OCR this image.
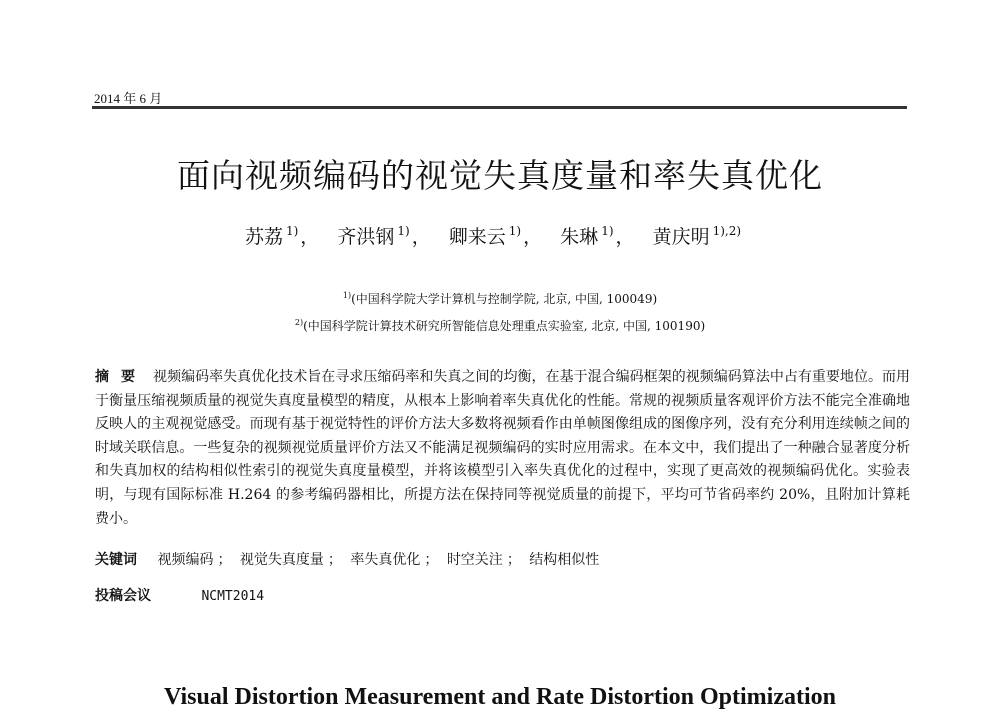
2014 年 6 月
面向视频编码的视觉失真度量和率失真优化
苏荔 $^{1)}$ ， 齐洪钢 $^{1)}$ ， 卿来云 $^{1)}$ ， 朱琳 $^{1)}$ ， 黄庆明 $^{1),2)}$
$^{1)}$(中国科学院大学计算机与控制学院, 北京, 中国, 100049)
$^{2)}$(中国科学院计算技术研究所智能信息处理重点实验室, 北京, 中国, 100190)
摘要 视频编码率失真优化技术旨在寻求压缩码率和失真之间的均衡，在基于混合编码框架的视频编码算法中占有重要地位。而用于衡量压缩视频质量的视觉失真度量模型的精度，从根本上影响着率失真优化的性能。常规的视频质量客观评价方法不能完全准确地反映人的主观视觉感受。而现有基于视觉特性的评价方法大多数将视频看作由单帧图像组成的图像序列，没有充分利用连续帧之间的时域关联信息。一些复杂的视频视觉质量评价方法又不能满足视频编码的实时应用需求。在本文中，我们提出了一种融合显著度分析和失真加权的结构相似性索引的视觉失真度量模型，并将该模型引入率失真优化的过程中，实现了更高效的视频编码优化。实验表明，与现有国际标准 H.264 的参考编码器相比，所提方法在保持同等视觉质量的前提下，平均可节省码率约 20%，且附加计算耗费小。
关键词 视频编码 ； 视觉失真度量 ； 率失真优化 ； 时空关注 ； 结构相似性
投稿会议	NCMT2014
Visual Distortion Measurement and Rate Distortion Optimization
